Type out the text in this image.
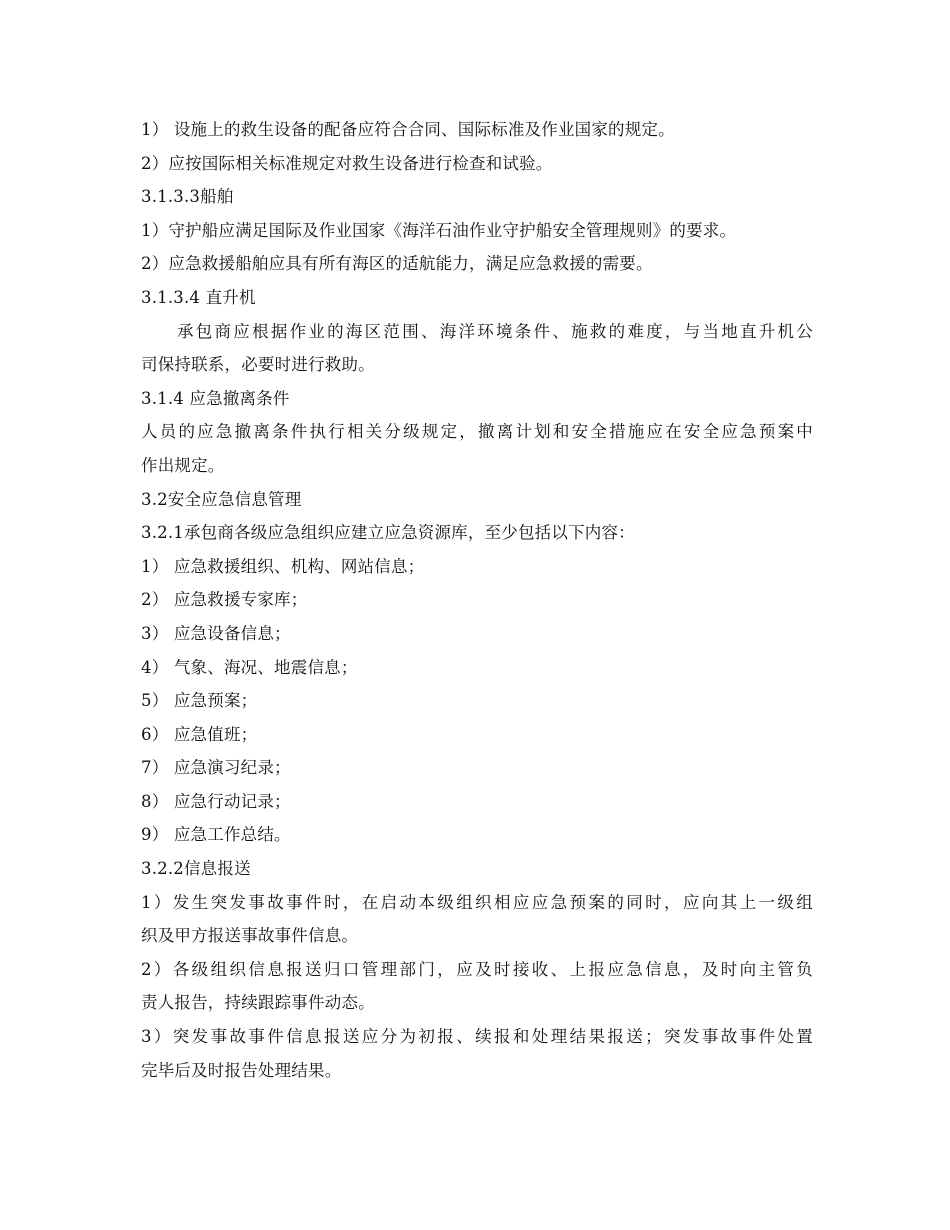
1） 设施上的救生设备的配备应符合合同、国际标准及作业国家的规定。
2）应按国际相关标准规定对救生设备进行检查和试验。
3.1.3.3船舶
1）守护船应满足国际及作业国家《海洋石油作业守护船安全管理规则》的要求。
2）应急救援船舶应具有所有海区的适航能力，满足应急救援的需要。
3.1.3.4 直升机
承包商应根据作业的海区范围、海洋环境条件、施救的难度，与当地直升机公
司保持联系，必要时进行救助。
3.1.4 应急撤离条件
人员的应急撤离条件执行相关分级规定，撤离计划和安全措施应在安全应急预案中
作出规定。
3.2安全应急信息管理
3.2.1承包商各级应急组织应建立应急资源库，至少包括以下内容：
1） 应急救援组织、机构、网站信息；
2） 应急救援专家库；
3） 应急设备信息；
4） 气象、海况、地震信息；
5） 应急预案；
6） 应急值班；
7） 应急演习纪录；
8） 应急行动记录；
9） 应急工作总结。
3.2.2信息报送
1）发生突发事故事件时，在启动本级组织相应应急预案的同时，应向其上一级组
织及甲方报送事故事件信息。
2）各级组织信息报送归口管理部门，应及时接收、上报应急信息，及时向主管负
责人报告，持续跟踪事件动态。
3）突发事故事件信息报送应分为初报、续报和处理结果报送；突发事故事件处置
完毕后及时报告处理结果。
